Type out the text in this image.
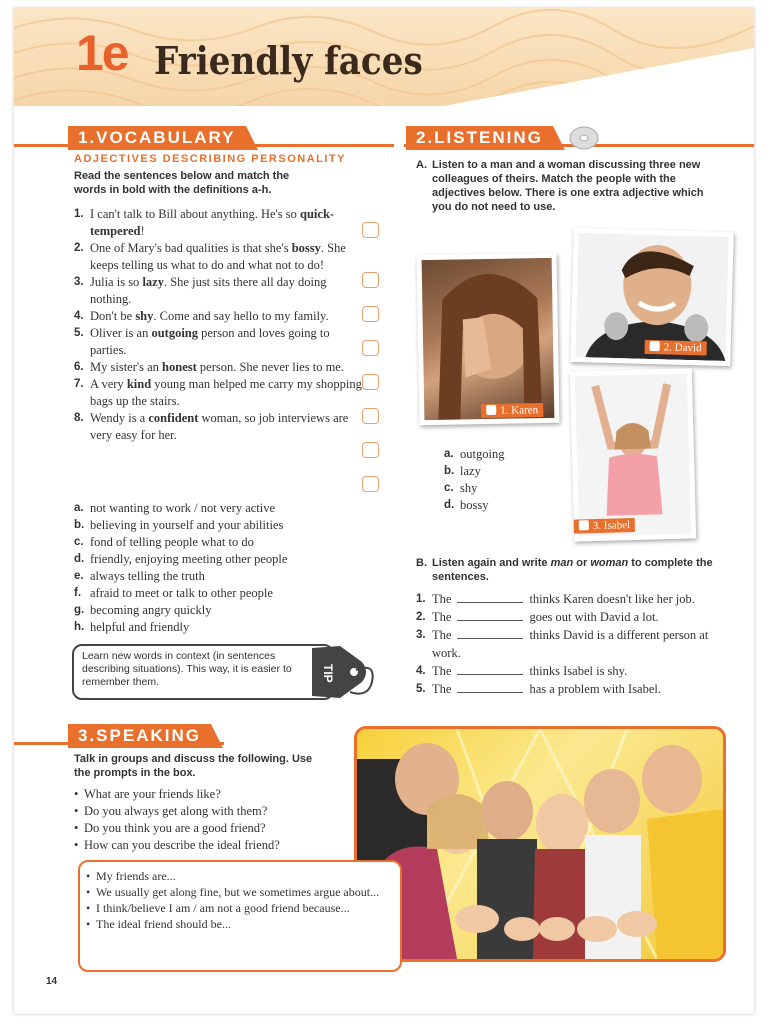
1e Friendly faces
1.VOCABULARY
ADJECTIVES DESCRIBING PERSONALITY
Read the sentences below and match the words in bold with the definitions a-h.
1. I can't talk to Bill about anything. He's so quick-tempered!
2. One of Mary's bad qualities is that she's bossy. She keeps telling us what to do and what not to do!
3. Julia is so lazy. She just sits there all day doing nothing.
4. Don't be shy. Come and say hello to my family.
5. Oliver is an outgoing person and loves going to parties.
6. My sister's an honest person. She never lies to me.
7. A very kind young man helped me carry my shopping bags up the stairs.
8. Wendy is a confident woman, so job interviews are very easy for her.
a. not wanting to work / not very active
b. believing in yourself and your abilities
c. fond of telling people what to do
d. friendly, enjoying meeting other people
e. always telling the truth
f. afraid to meet or talk to other people
g. becoming angry quickly
h. helpful and friendly
Learn new words in context (in sentences describing situations). This way, it is easier to remember them.	TIP
2.LISTENING
A. Listen to a man and a woman discussing three new colleagues of theirs. Match the people with the adjectives below. There is one extra adjective which you do not need to use.
1. Karen
2. David
3. Isabel
a. outgoing
b. lazy
c. shy
d. bossy
B. Listen again and write man or woman to complete the sentences.
1. The	thinks Karen doesn't like her job.
2. The	goes out with David a lot.
3. The	thinks David is a different person at work.
4. The	thinks Isabel is shy.
5. The	has a problem with Isabel.
3.SPEAKING
Talk in groups and discuss the following. Use the prompts in the box.
• What are your friends like?
• Do you always get along with them?
• Do you think you are a good friend?
• How can you describe the ideal friend?
• My friends are...
• We usually get along fine, but we sometimes argue about...
• I think/believe I am / am not a good friend because...
• The ideal friend should be...
14
